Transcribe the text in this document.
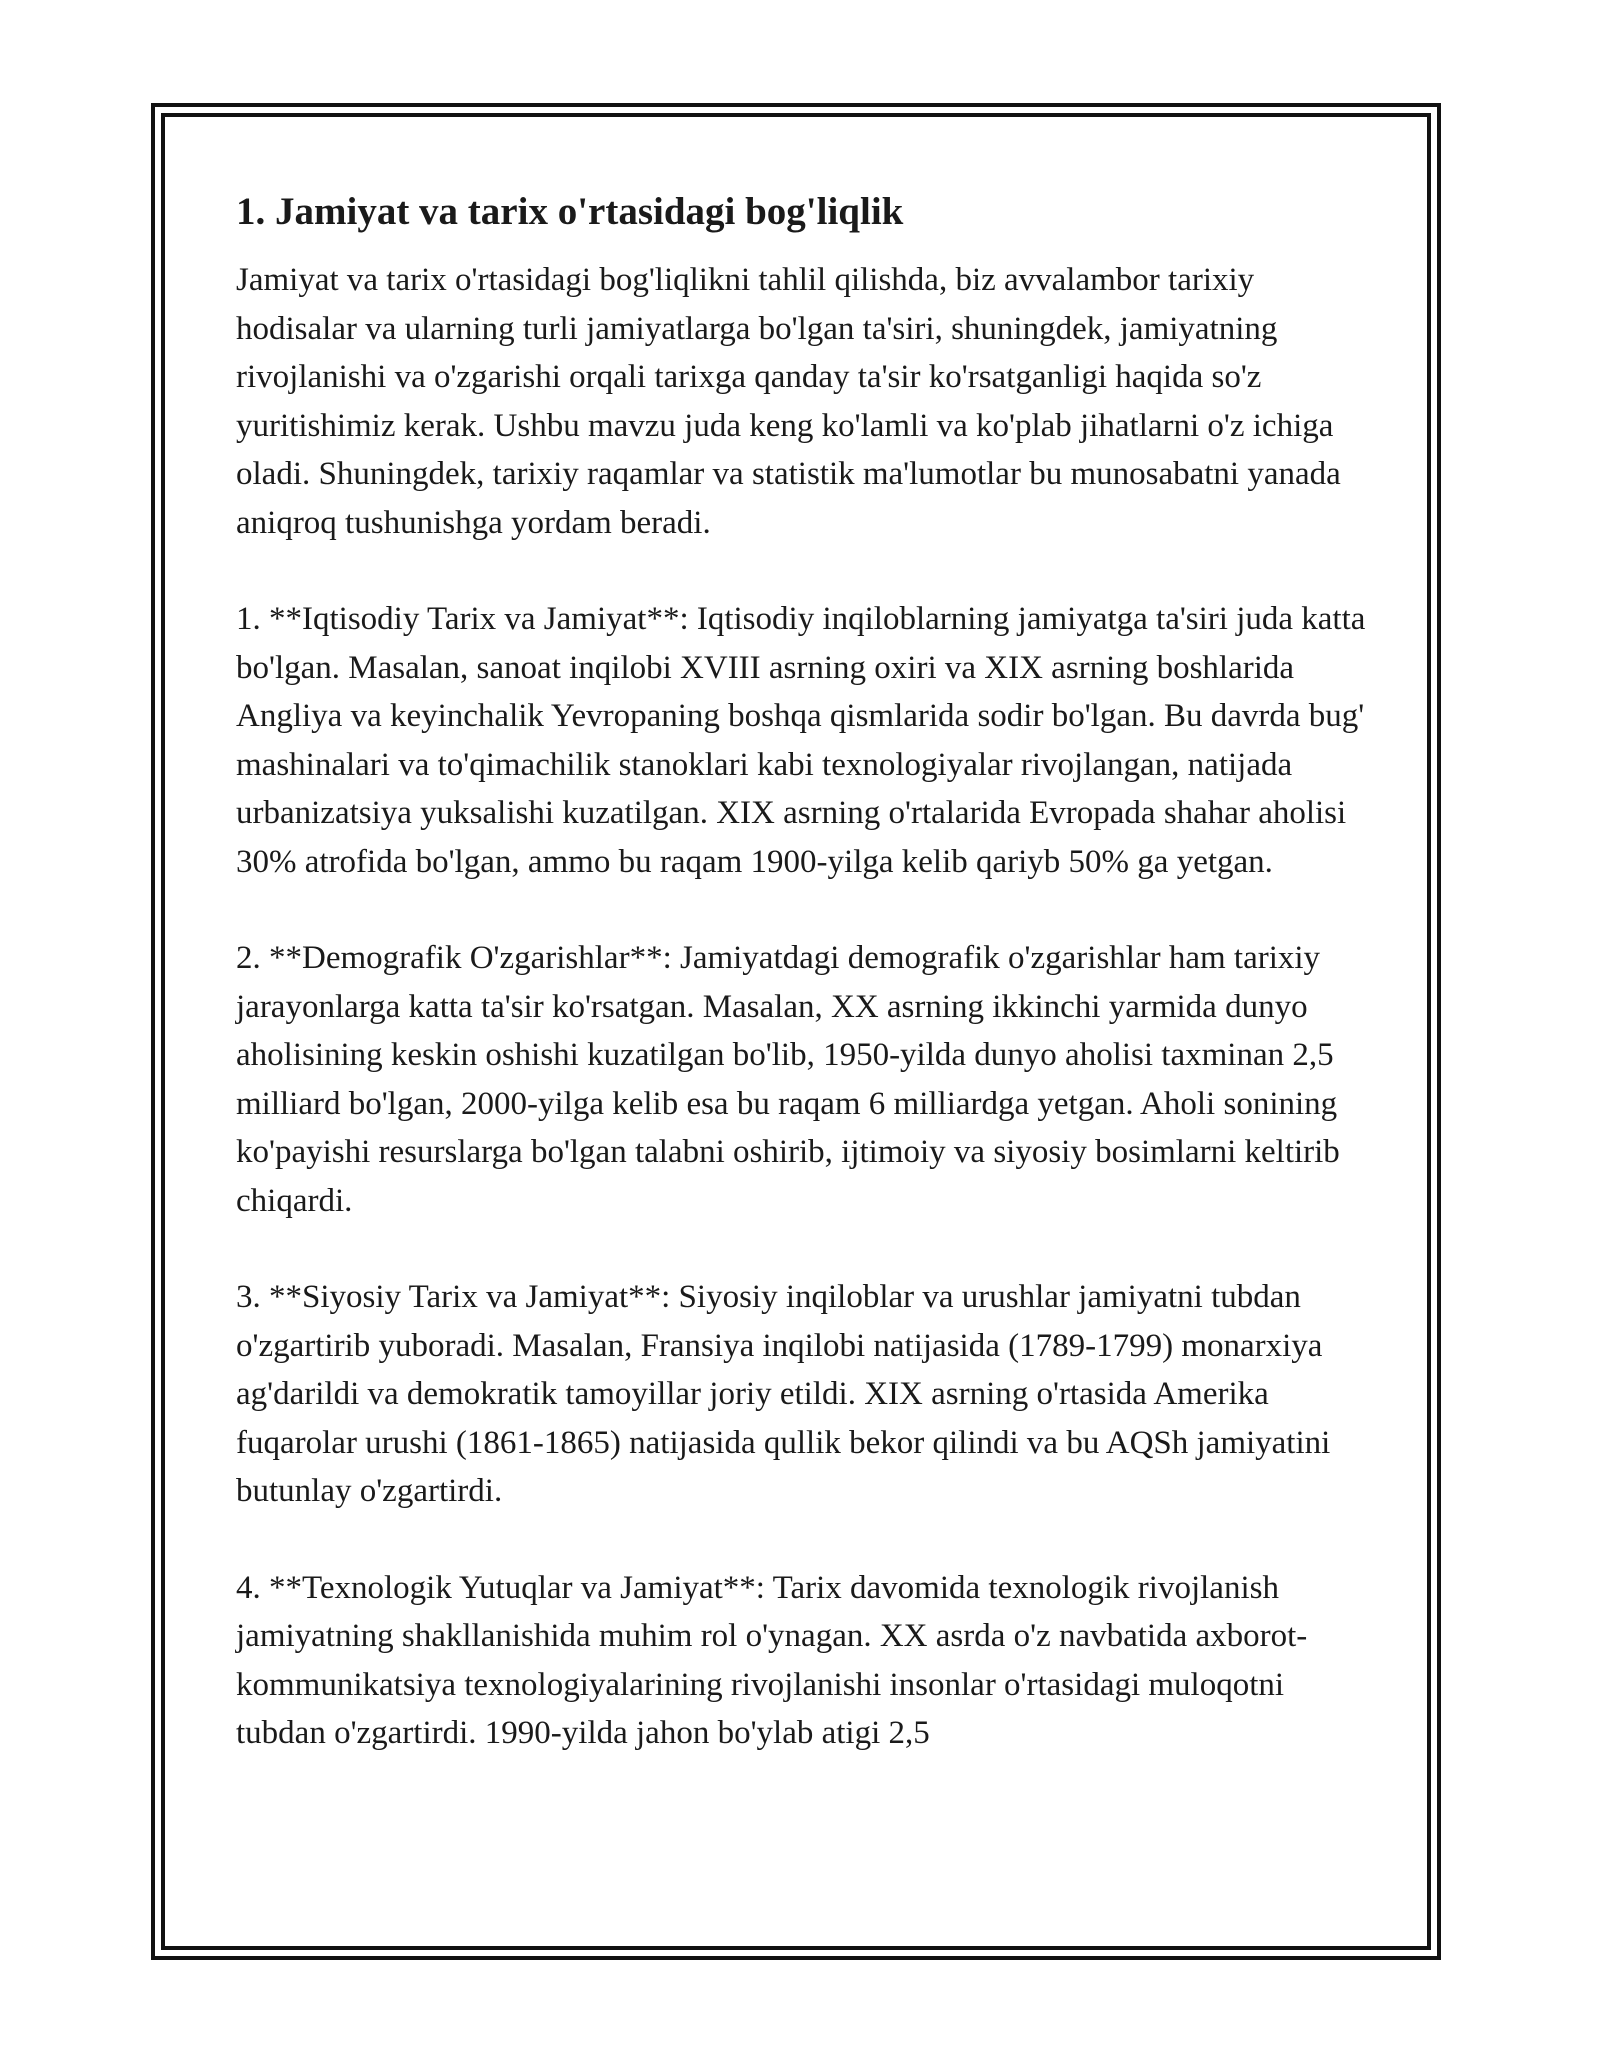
1. Jamiyat va tarix o'rtasidagi bog'liqlik

Jamiyat va tarix o'rtasidagi bog'liqlikni tahlil qilishda, biz avvalambor tarixiy hodisalar va ularning turli jamiyatlarga bo'lgan ta'siri, shuningdek, jamiyatning rivojlanishi va o'zgarishi orqali tarixga qanday ta'sir ko'rsatganligi haqida so'z yuritishimiz kerak. Ushbu mavzu juda keng ko'lamli va ko'plab jihatlarni o'z ichiga oladi. Shuningdek, tarixiy raqamlar va statistik ma'lumotlar bu munosabatni yanada aniqroq tushunishga yordam beradi.

1. **Iqtisodiy Tarix va Jamiyat**: Iqtisodiy inqiloblarning jamiyatga ta'siri juda katta bo'lgan. Masalan, sanoat inqilobi XVIII asrning oxiri va XIX asrning boshlarida Angliya va keyinchalik Yevropaning boshqa qismlarida sodir bo'lgan. Bu davrda bug' mashinalari va to'qimachilik stanoklari kabi texnologiyalar rivojlangan, natijada urbanizatsiya yuksalishi kuzatilgan. XIX asrning o'rtalarida Evropada shahar aholisi 30% atrofida bo'lgan, ammo bu raqam 1900-yilga kelib qariyb 50% ga yetgan.

2. **Demografik O'zgarishlar**: Jamiyatdagi demografik o'zgarishlar ham tarixiy jarayonlarga katta ta'sir ko'rsatgan. Masalan, XX asrning ikkinchi yarmida dunyo aholisining keskin oshishi kuzatilgan bo'lib, 1950-yilda dunyo aholisi taxminan 2,5 milliard bo'lgan, 2000-yilga kelib esa bu raqam 6 milliardga yetgan. Aholi sonining ko'payishi resurslarga bo'lgan talabni oshirib, ijtimoiy va siyosiy bosimlarni keltirib chiqardi.

3. **Siyosiy Tarix va Jamiyat**: Siyosiy inqiloblar va urushlar jamiyatni tubdan o'zgartirib yuboradi. Masalan, Fransiya inqilobi natijasida (1789-1799) monarxiya ag'darildi va demokratik tamoyillar joriy etildi. XIX asrning o'rtasida Amerika fuqarolar urushi (1861-1865) natijasida qullik bekor qilindi va bu AQSh jamiyatini butunlay o'zgartirdi.

4. **Texnologik Yutuqlar va Jamiyat**: Tarix davomida texnologik rivojlanish jamiyatning shakllanishida muhim rol o'ynagan. XX asrda o'z navbatida axborot-kommunikatsiya texnologiyalarining rivojlanishi insonlar o'rtasidagi muloqotni tubdan o'zgartirdi. 1990-yilda jahon bo'ylab atigi 2,5
